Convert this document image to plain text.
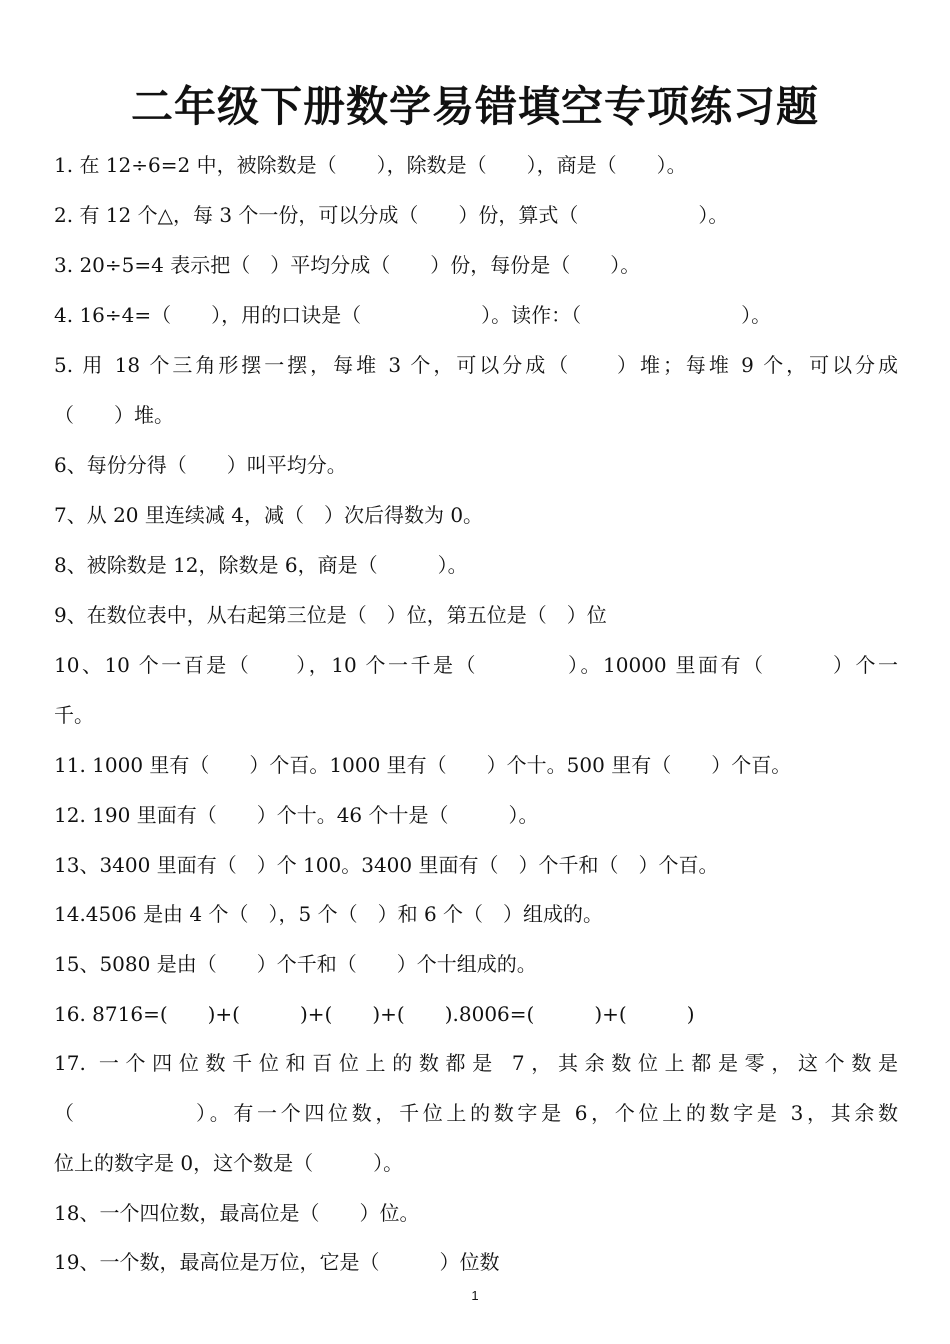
二年级下册数学易错填空专项练习题

1. 在 12÷6=2 中，被除数是（　　），除数是（　　），商是（　　）。

2. 有 12 个△，每 3 个一份，可以分成（　　）份，算式（　　　　　　）。

3. 20÷5=4 表示把（　）平均分成（　　）份，每份是（　　）。

4. 16÷4=（　　），用的口诀是（　　　　　　）。读作：（　　　　　　　　）。

5. 用 18 个三角形摆一摆，每堆 3 个，可以分成（　　）堆；每堆 9 个，可以分成

（　　）堆。

6、每份分得（　　）叫平均分。

7、从 20 里连续减 4，减（　）次后得数为 0。

8、被除数是 12，除数是 6，商是（　　　）。

9、在数位表中，从右起第三位是（　）位，第五位是（　）位

10、10 个一百是（　　），10 个一千是（　　　　）。10000 里面有（　　　）个一

千。

11. 1000 里有（　　）个百。1000 里有（　　）个十。500 里有（　　）个百。

12. 190 里面有（　　）个十。46 个十是（　　　）。

13、3400 里面有（　）个 100。3400 里面有（　）个千和（　）个百。

14.4506 是由 4 个（　），5 个（　）和 6 个（　）组成的。

15、5080 是由（　　）个千和（　　）个十组成的。

16. 8716=(　　)+(　　　)+(　　)+(　　).8006=(　　　)+(　　　)

17. 一个四位数千位和百位上的数都是 7，其余数位上都是零，这个数是

（　　　　　）。有一个四位数，千位上的数字是 6，个位上的数字是 3，其余数

位上的数字是 0，这个数是（　　　）。

18、一个四位数，最高位是（　　）位。

19、一个数，最高位是万位，它是（　　　）位数

1
